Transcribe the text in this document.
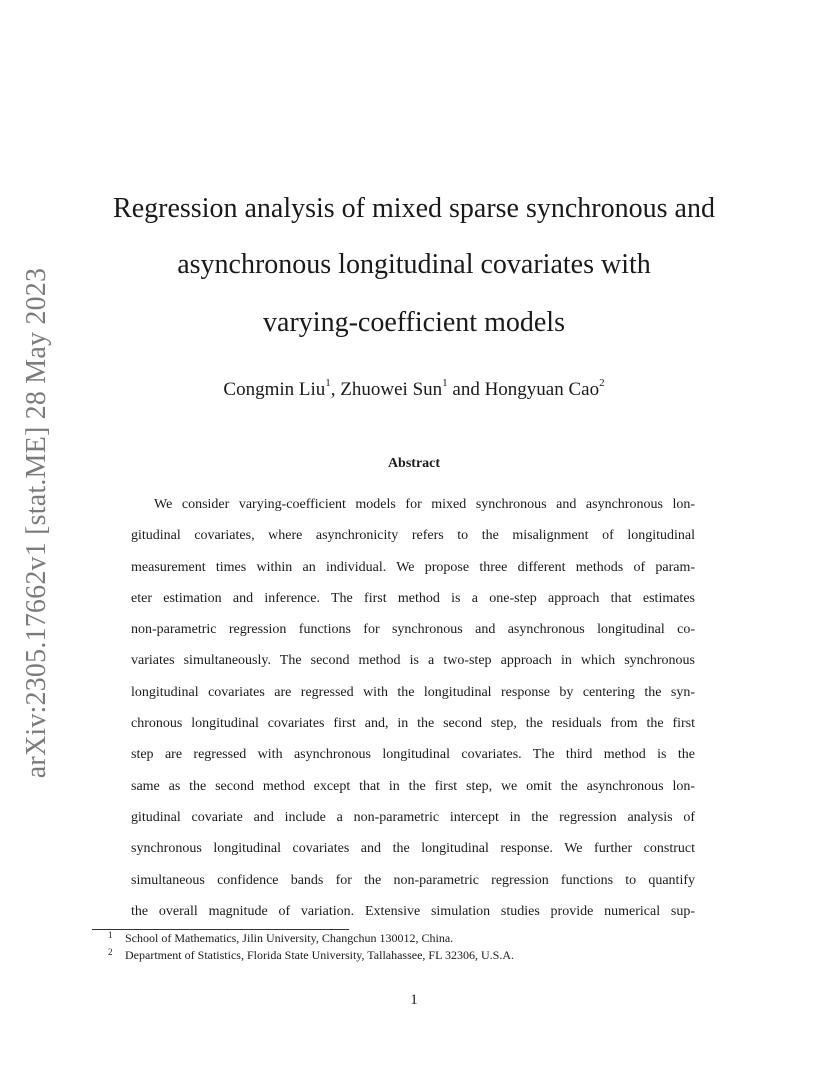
arXiv:2305.17662v1 [stat.ME] 28 May 2023
Regression analysis of mixed sparse synchronous and
asynchronous longitudinal covariates with
varying-coefficient models
Congmin Liu$^1$, Zhuowei Sun$^1$ and Hongyuan Cao$^2$
Abstract
We consider varying-coefficient models for mixed synchronous and asynchronous lon-
gitudinal covariates, where asynchronicity refers to the misalignment of longitudinal
measurement times within an individual. We propose three different methods of param-
eter estimation and inference. The first method is a one-step approach that estimates
non-parametric regression functions for synchronous and asynchronous longitudinal co-
variates simultaneously. The second method is a two-step approach in which synchronous
longitudinal covariates are regressed with the longitudinal response by centering the syn-
chronous longitudinal covariates first and, in the second step, the residuals from the first
step are regressed with asynchronous longitudinal covariates. The third method is the
same as the second method except that in the first step, we omit the asynchronous lon-
gitudinal covariate and include a non-parametric intercept in the regression analysis of
synchronous longitudinal covariates and the longitudinal response. We further construct
simultaneous confidence bands for the non-parametric regression functions to quantify
the overall magnitude of variation. Extensive simulation studies provide numerical sup-
1 School of Mathematics, Jilin University, Changchun 130012, China.
2 Department of Statistics, Florida State University, Tallahassee, FL 32306, U.S.A.
1
